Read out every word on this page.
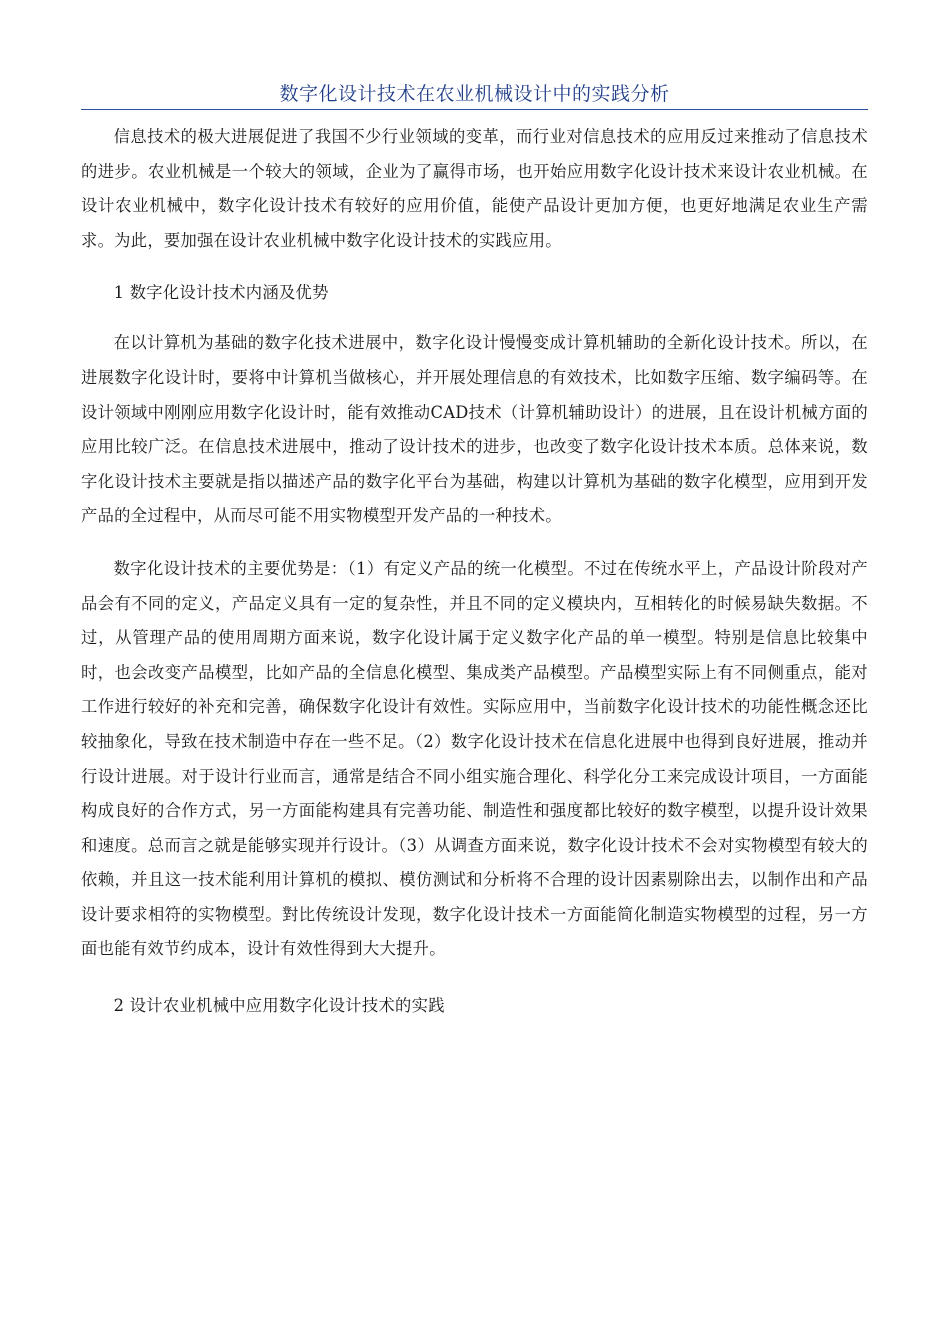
数字化设计技术在农业机械设计中的实践分析

信息技术的极大进展促进了我国不少行业领域的变革，而行业对信息技术的应用反过来推动了信息技术的进步。农业机械是一个较大的领域，企业为了赢得市场，也开始应用数字化设计技术来设计农业机械。在设计农业机械中，数字化设计技术有较好的应用价值，能使产品设计更加方便，也更好地满足农业生产需求。为此，要加强在设计农业机械中数字化设计技术的实践应用。

1 数字化设计技术内涵及优势

在以计算机为基础的数字化技术进展中，数字化设计慢慢变成计算机辅助的全新化设计技术。所以，在进展数字化设计时，要将中计算机当做核心，并开展处理信息的有效技术，比如数字压缩、数字编码等。在设计领域中刚刚应用数字化设计时，能有效推动CAD技术（计算机辅助设计）的进展，且在设计机械方面的应用比较广泛。在信息技术进展中，推动了设计技术的进步，也改变了数字化设计技术本质。总体来说，数字化设计技术主要就是指以描述产品的数字化平台为基础，构建以计算机为基础的数字化模型，应用到开发产品的全过程中，从而尽可能不用实物模型开发产品的一种技术。

数字化设计技术的主要优势是：（1）有定义产品的统一化模型。不过在传统水平上，产品设计阶段对产品会有不同的定义，产品定义具有一定的复杂性，并且不同的定义模块内，互相转化的时候易缺失数据。不过，从管理产品的使用周期方面来说，数字化设计属于定义数字化产品的单一模型。特别是信息比较集中时，也会改变产品模型，比如产品的全信息化模型、集成类产品模型。产品模型实际上有不同侧重点，能对工作进行较好的补充和完善，确保数字化设计有效性。实际应用中，当前数字化设计技术的功能性概念还比较抽象化，导致在技术制造中存在一些不足。（2）数字化设计技术在信息化进展中也得到良好进展，推动并行设计进展。对于设计行业而言，通常是结合不同小组实施合理化、科学化分工来完成设计项目，一方面能构成良好的合作方式，另一方面能构建具有完善功能、制造性和强度都比较好的数字模型，以提升设计效果和速度。总而言之就是能够实现并行设计。（3）从调查方面来说，数字化设计技术不会对实物模型有较大的依赖，并且这一技术能利用计算机的模拟、模仿测试和分析将不合理的设计因素剔除出去，以制作出和产品设计要求相符的实物模型。對比传统设计发现，数字化设计技术一方面能简化制造实物模型的过程，另一方面也能有效节约成本，设计有效性得到大大提升。

2 设计农业机械中应用数字化设计技术的实践
